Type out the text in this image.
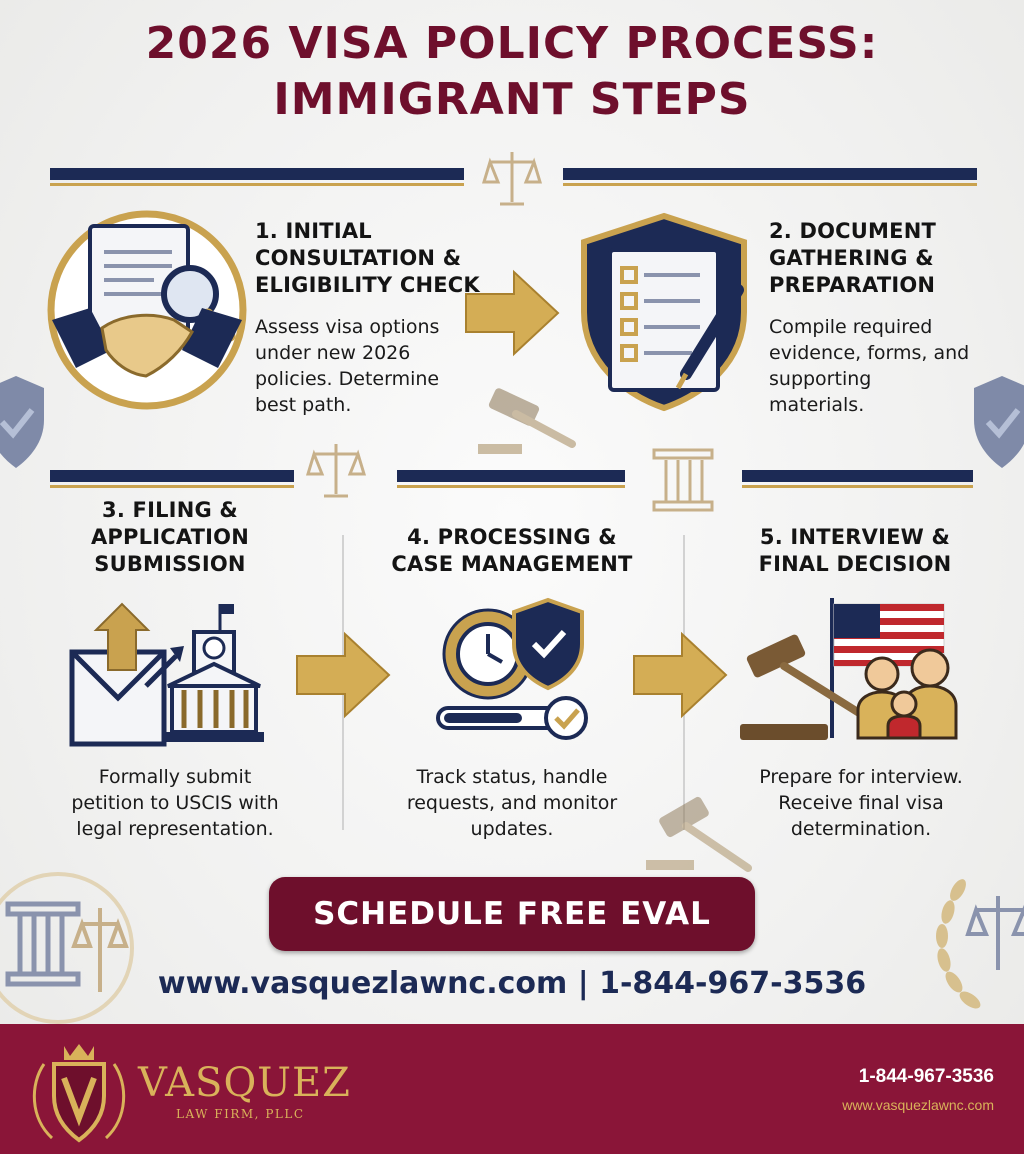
2026 VISA POLICY PROCESS:
IMMIGRANT STEPS
1. INITIAL
CONSULTATION &
ELIGIBILITY CHECK
Assess visa options
under new 2026
policies. Determine
best path.
2. DOCUMENT
GATHERING &
PREPARATION
Compile required
evidence, forms, and
supporting
materials.
3. FILING &
APPLICATION
SUBMISSION
Formally submit
petition to USCIS with
legal representation.
4. PROCESSING &
CASE MANAGEMENT
Track status, handle
requests, and monitor
updates.
5. INTERVIEW &
FINAL DECISION
Prepare for interview.
Receive final visa
determination.
SCHEDULE FREE EVAL
www.vasquezlawnc.com | 1-844-967-3536
VASQUEZ
LAW FIRM, PLLC
1-844-967-3536
www.vasquezlawnc.com
